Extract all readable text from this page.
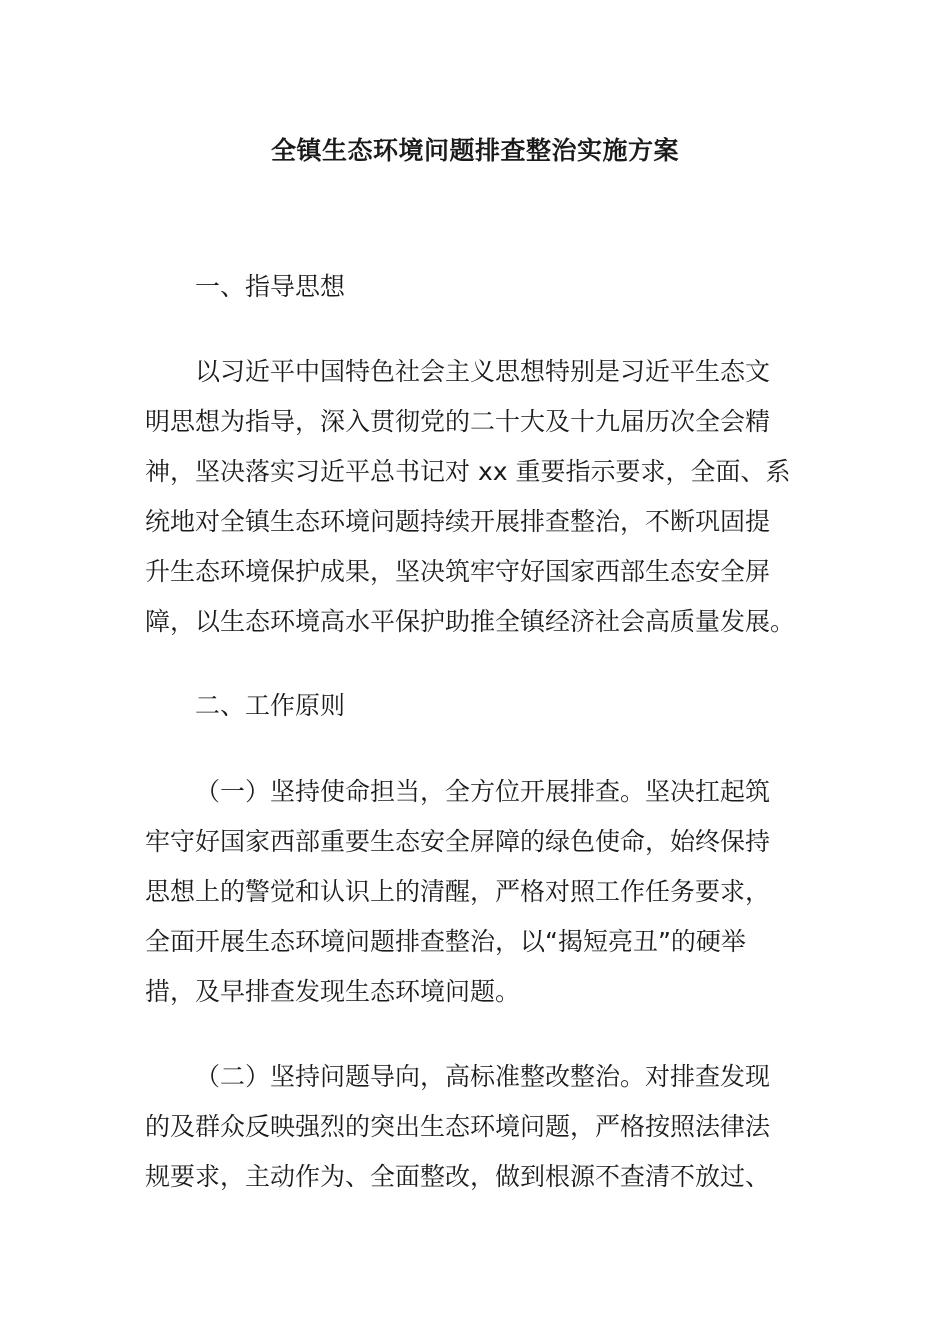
全镇生态环境问题排查整治实施方案
一、指导思想
以习近平中国特色社会主义思想特别是习近平生态文
明思想为指导，深入贯彻党的二十大及十九届历次全会精
神，坚决落实习近平总书记对 xx 重要指示要求，全面、系
统地对全镇生态环境问题持续开展排查整治，不断巩固提
升生态环境保护成果，坚决筑牢守好国家西部生态安全屏
障，以生态环境高水平保护助推全镇经济社会高质量发展。
二、工作原则
（一）坚持使命担当，全方位开展排查。坚决扛起筑
牢守好国家西部重要生态安全屏障的绿色使命，始终保持
思想上的警觉和认识上的清醒，严格对照工作任务要求，
全面开展生态环境问题排查整治，以“揭短亮丑”的硬举
措，及早排查发现生态环境问题。
（二）坚持问题导向，高标准整改整治。对排查发现
的及群众反映强烈的突出生态环境问题，严格按照法律法
规要求，主动作为、全面整改，做到根源不查清不放过、
